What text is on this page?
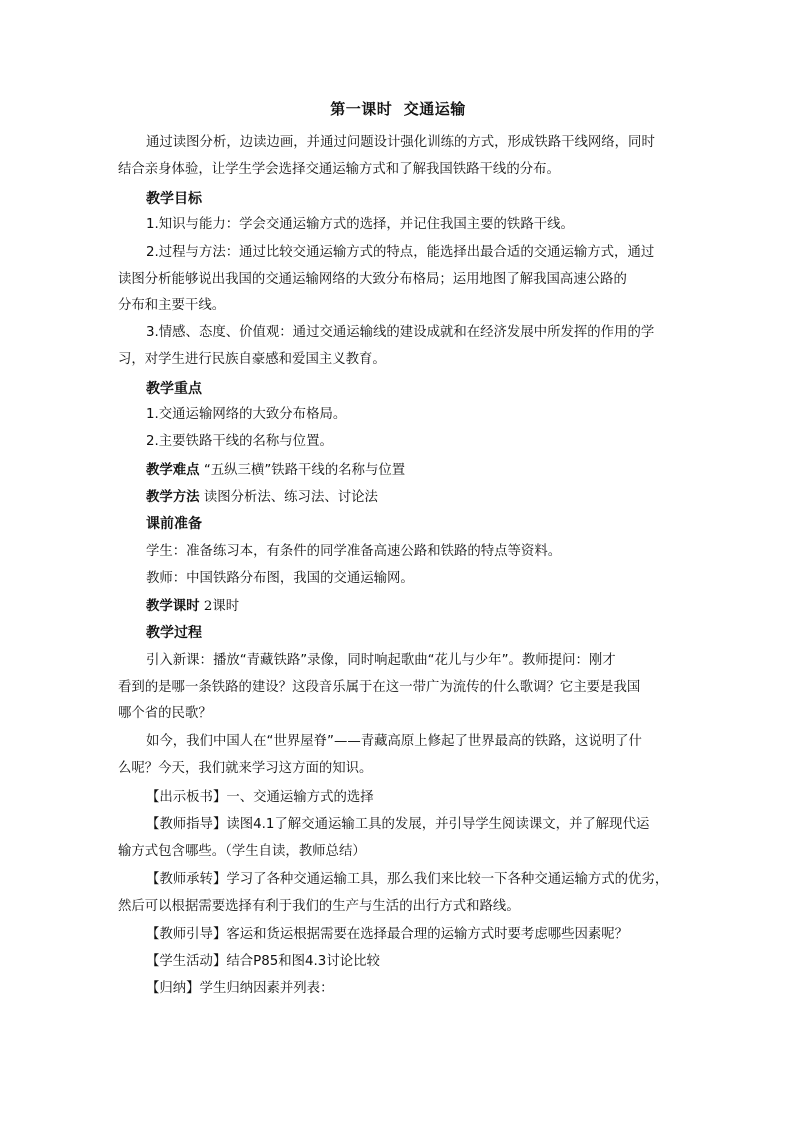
第一课时  交通运输
通过读图分析，边读边画，并通过问题设计强化训练的方式，形成铁路干线网络，同时
结合亲身体验，让学生学会选择交通运输方式和了解我国铁路干线的分布。
教学目标
1.知识与能力：学会交通运输方式的选择，并记住我国主要的铁路干线。
2.过程与方法：通过比较交通运输方式的特点，能选择出最合适的交通运输方式，通过
读图分析能够说出我国的交通运输网络的大致分布格局；运用地图了解我国高速公路的
分布和主要干线。
3.情感、态度、价值观：通过交通运输线的建设成就和在经济发展中所发挥的作用的学
习，对学生进行民族自豪感和爱国主义教育。
教学重点
1.交通运输网络的大致分布格局。
2.主要铁路干线的名称与位置。
教学难点 “五纵三横”铁路干线的名称与位置
教学方法 读图分析法、练习法、讨论法
课前准备
学生：准备练习本，有条件的同学准备高速公路和铁路的特点等资料。
教师：中国铁路分布图，我国的交通运输网。
教学课时 2课时
教学过程
引入新课：播放“青藏铁路”录像，同时响起歌曲“花儿与少年”。教师提问：刚才
看到的是哪一条铁路的建设？这段音乐属于在这一带广为流传的什么歌调？它主要是我国
哪个省的民歌？
如今，我们中国人在“世界屋脊”——青藏高原上修起了世界最高的铁路，这说明了什
么呢？今天，我们就来学习这方面的知识。
【出示板书】一、交通运输方式的选择
【教师指导】读图4.1了解交通运输工具的发展，并引导学生阅读课文，并了解现代运
输方式包含哪些。（学生自读，教师总结）
【教师承转】学习了各种交通运输工具，那么我们来比较一下各种交通运输方式的优劣，
然后可以根据需要选择有利于我们的生产与生活的出行方式和路线。
【教师引导】客运和货运根据需要在选择最合理的运输方式时要考虑哪些因素呢？
【学生活动】结合P85和图4.3讨论比较
【归纳】学生归纳因素并列表：
